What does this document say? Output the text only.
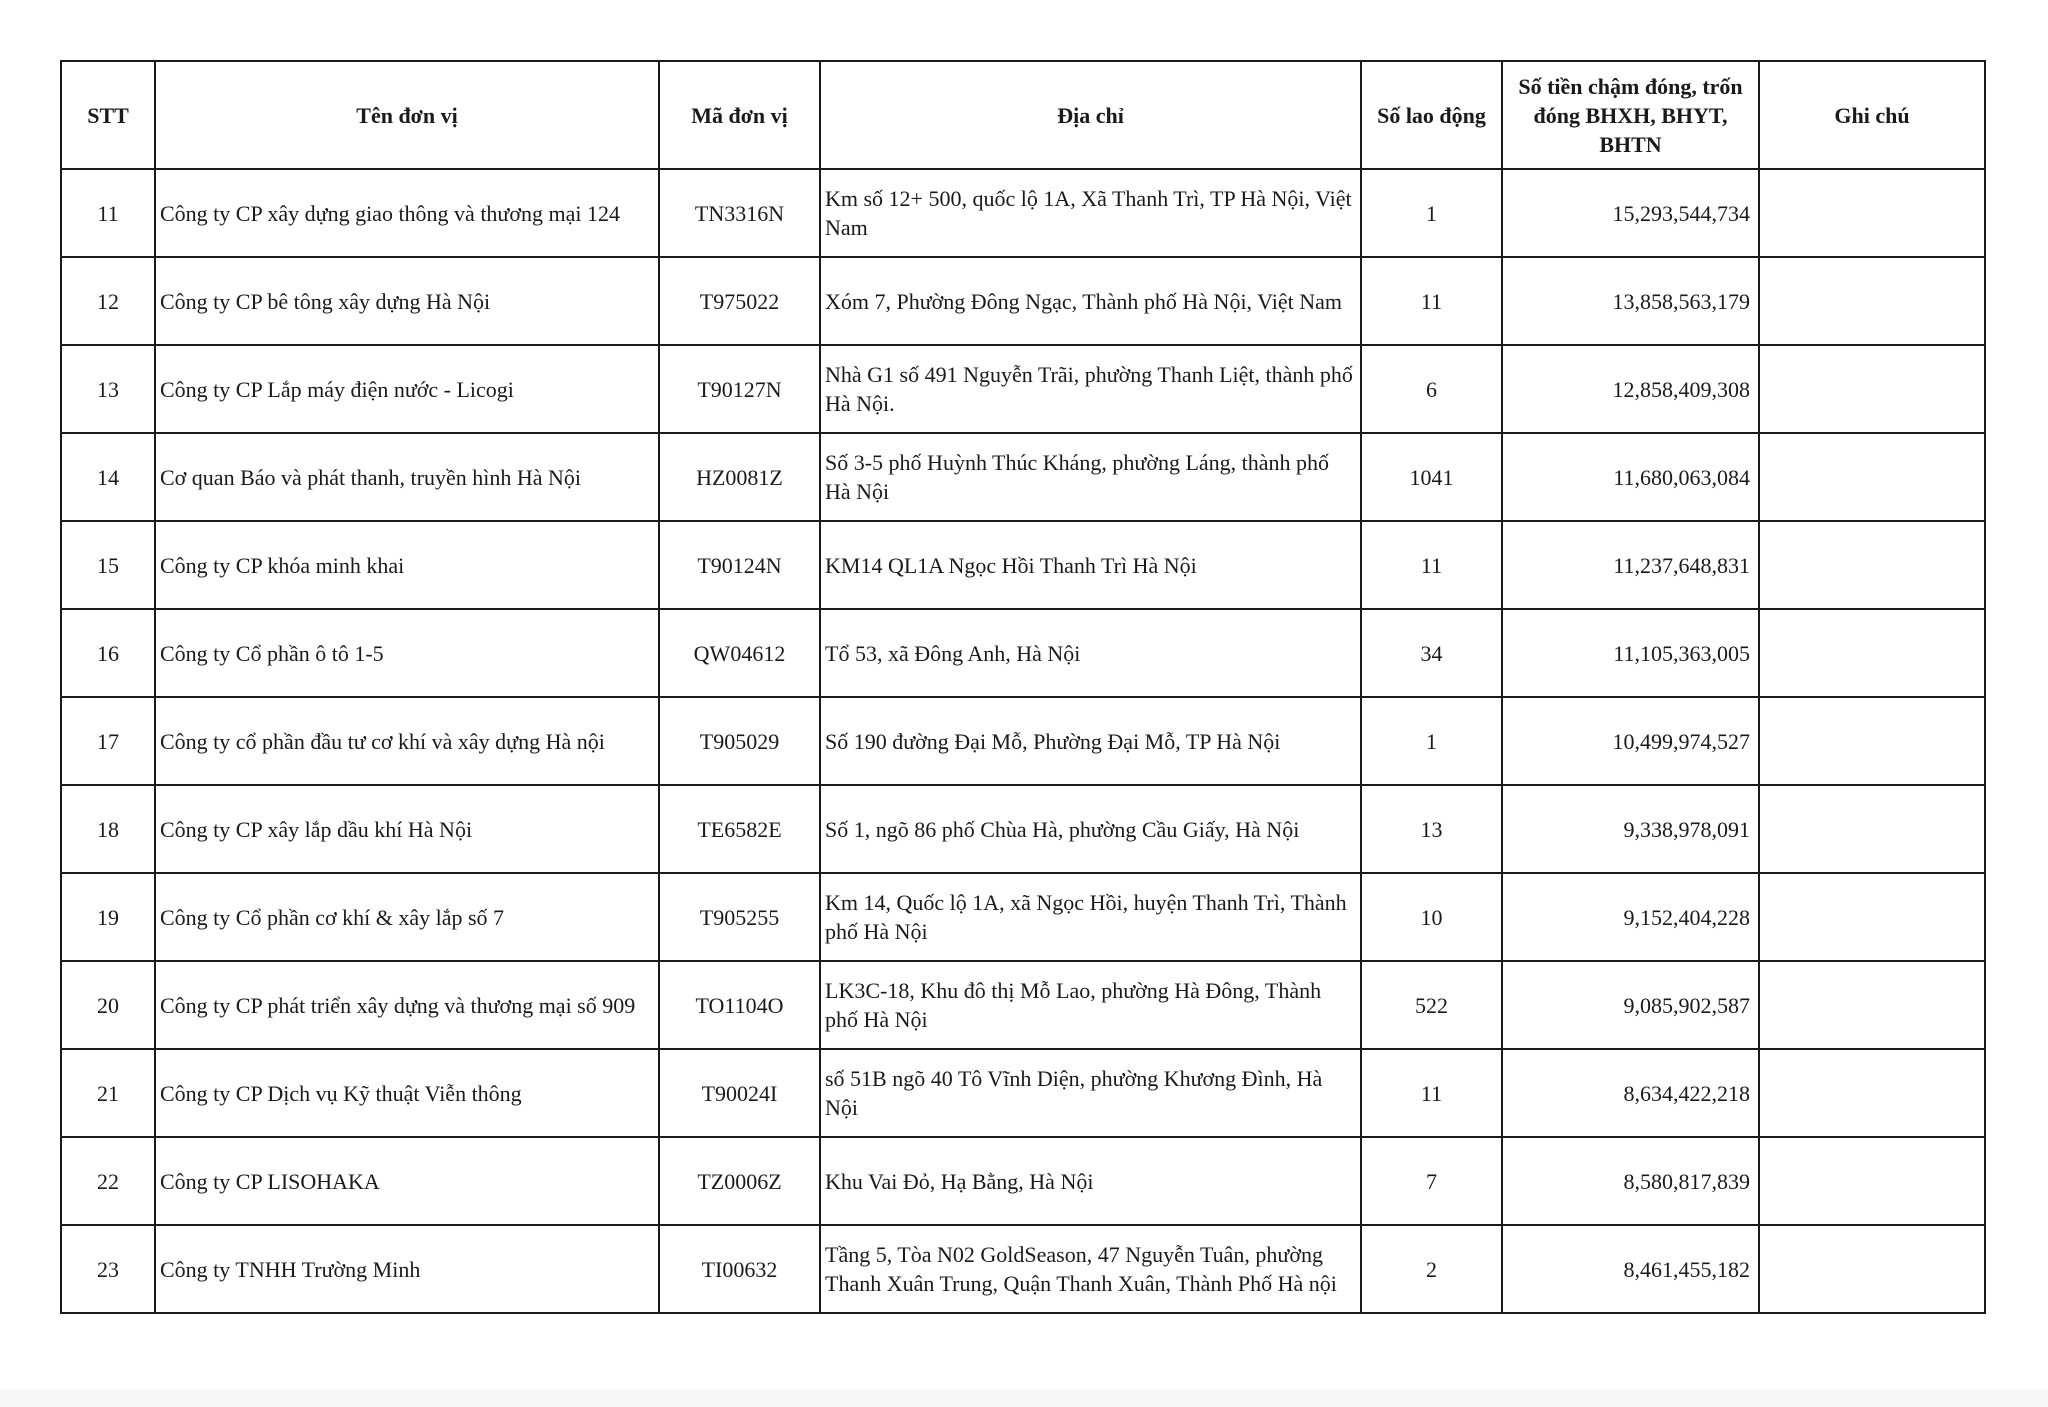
STT	Tên đơn vị	Mã đơn vị	Địa chỉ	Số lao động	Số tiền chậm đóng, trốn đóng BHXH, BHYT, BHTN	Ghi chú
11	Công ty CP xây dựng giao thông và thương mại 124	TN3316N	Km số 12+ 500, quốc lộ 1A, Xã Thanh Trì, TP Hà Nội, Việt Nam	1	15,293,544,734	
12	Công ty CP bê tông xây dựng Hà Nội	T975022	Xóm 7, Phường Đông Ngạc, Thành phố Hà Nội, Việt Nam	11	13,858,563,179	
13	Công ty CP Lắp máy điện nước - Licogi	T90127N	Nhà G1 số 491 Nguyễn Trãi, phường Thanh Liệt, thành phố Hà Nội.	6	12,858,409,308	
14	Cơ quan Báo và phát thanh, truyền hình Hà Nội	HZ0081Z	Số 3-5 phố Huỳnh Thúc Kháng, phường Láng, thành phố Hà Nội	1041	11,680,063,084	
15	Công ty CP khóa minh khai	T90124N	KM14 QL1A Ngọc Hồi Thanh Trì Hà Nội	11	11,237,648,831	
16	Công ty Cổ phần ô tô 1-5	QW04612	Tổ 53, xã Đông Anh, Hà Nội	34	11,105,363,005	
17	Công ty cổ phần đầu tư cơ khí và xây dựng Hà nội	T905029	Số 190 đường Đại Mỗ, Phường Đại Mỗ, TP Hà Nội	1	10,499,974,527	
18	Công ty CP xây lắp dầu khí Hà Nội	TE6582E	Số 1, ngõ 86 phố Chùa Hà, phường Cầu Giấy, Hà Nội	13	9,338,978,091	
19	Công ty Cổ phần cơ khí & xây lắp số 7	T905255	Km 14, Quốc lộ 1A, xã Ngọc Hồi, huyện Thanh Trì, Thành phố Hà Nội	10	9,152,404,228	
20	Công ty CP phát triển xây dựng và thương mại số 909	TO1104O	LK3C-18, Khu đô thị Mỗ Lao, phường Hà Đông, Thành phố Hà Nội	522	9,085,902,587	
21	Công ty CP Dịch vụ Kỹ thuật Viễn thông	T90024I	số 51B ngõ 40 Tô Vĩnh Diện, phường Khương Đình, Hà Nội	11	8,634,422,218	
22	Công ty CP LISOHAKA	TZ0006Z	Khu Vai Đỏ, Hạ Bằng, Hà Nội	7	8,580,817,839	
23	Công ty TNHH Trường Minh	TI00632	Tầng 5, Tòa N02 GoldSeason, 47 Nguyễn Tuân, phường Thanh Xuân Trung, Quận Thanh Xuân, Thành Phố Hà nội	2	8,461,455,182	
